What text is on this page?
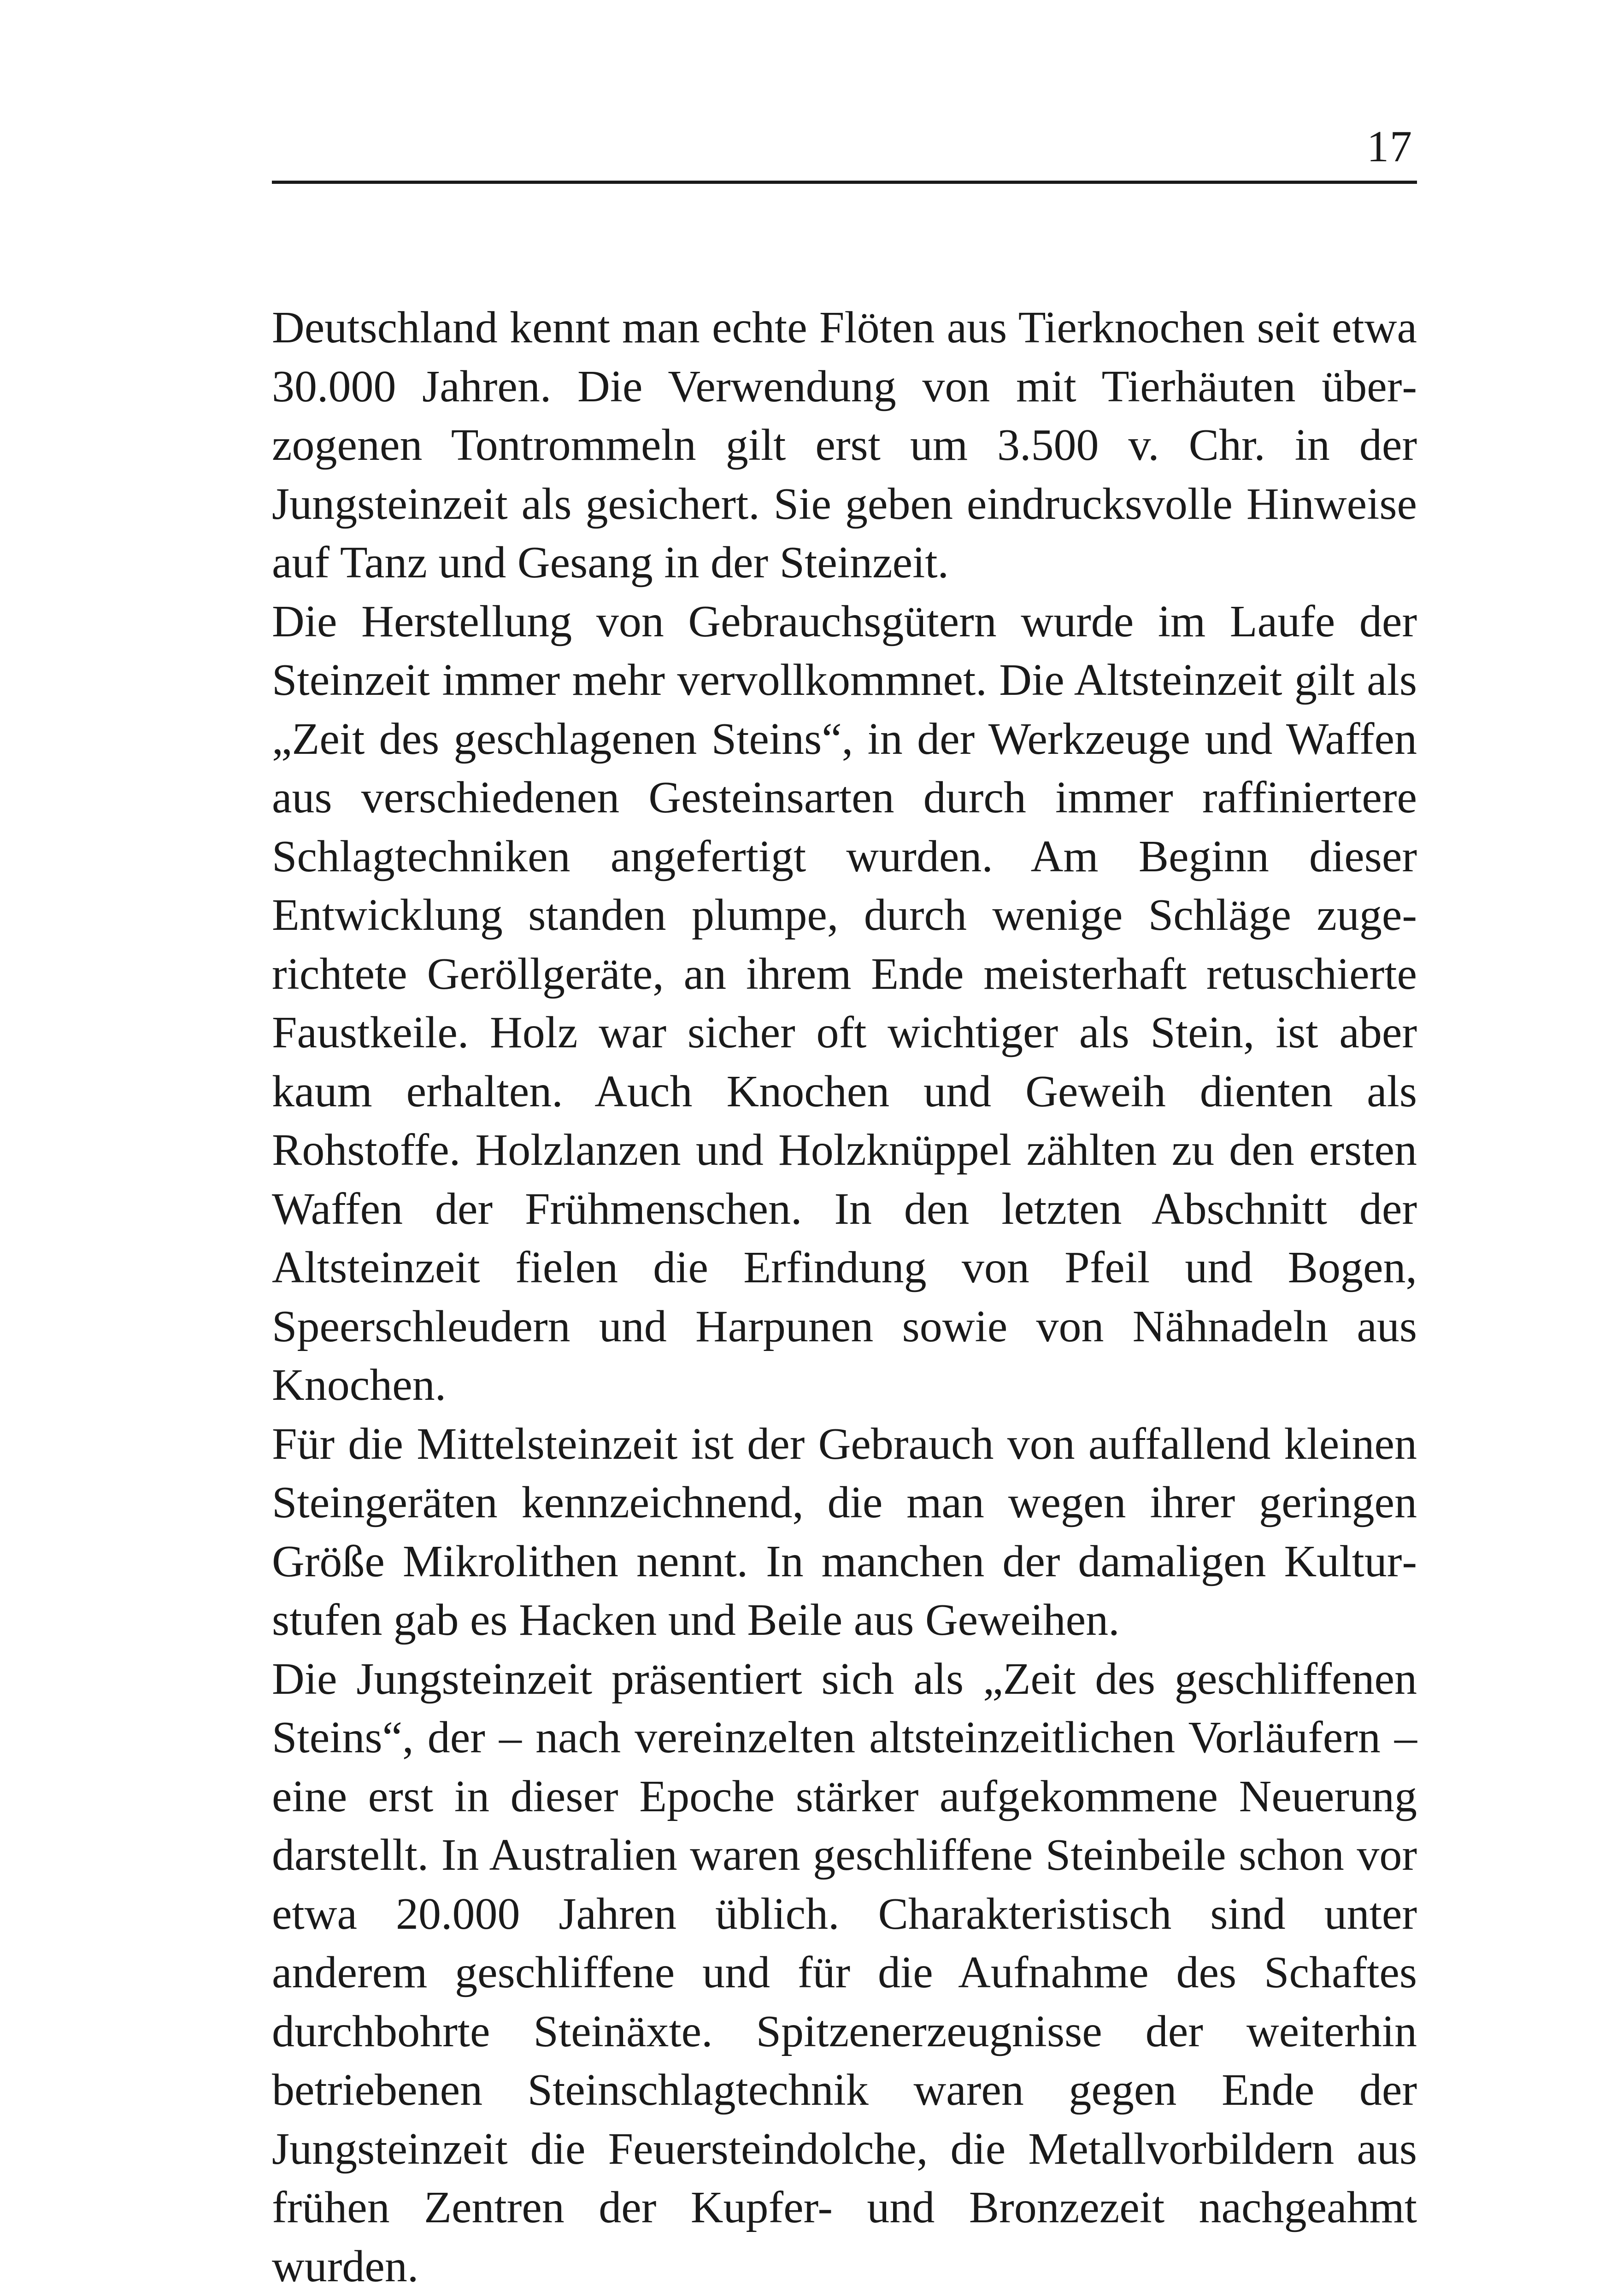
17

Deutschland kennt man echte Flöten aus Tierknochen seit etwa 30.000 Jahren. Die Verwendung von mit Tierhäuten überzogenen Tontrommeln gilt erst um 3.500 v. Chr. in der Jungsteinzeit als gesichert. Sie geben eindrucksvolle Hinweise auf Tanz und Gesang in der Steinzeit.

Die Herstellung von Gebrauchsgütern wurde im Laufe der Steinzeit immer mehr vervollkommnet. Die Altsteinzeit gilt als „Zeit des geschlagenen Steins“, in der Werkzeuge und Waffen aus verschiedenen Gesteinsarten durch immer raffiniertere Schlagtechniken angefertigt wurden. Am Beginn dieser Entwicklung standen plumpe, durch wenige Schläge zugerichtete Geröllgeräte, an ihrem Ende meisterhaft retuschierte Faustkeile. Holz war sicher oft wichtiger als Stein, ist aber kaum erhalten. Auch Knochen und Geweih dienten als Rohstoffe. Holzlanzen und Holzknüppel zählten zu den ersten Waffen der Frühmenschen. In den letzten Abschnitt der Altsteinzeit fielen die Erfindung von Pfeil und Bogen, Speerschleudern und Harpunen sowie von Nähnadeln aus Knochen.

Für die Mittelsteinzeit ist der Gebrauch von auffallend kleinen Steingeräten kennzeichnend, die man wegen ihrer geringen Größe Mikrolithen nennt. In manchen der damaligen Kulturstufen gab es Hacken und Beile aus Geweihen.

Die Jungsteinzeit präsentiert sich als „Zeit des geschliffenen Steins“, der – nach vereinzelten altsteinzeitlichen Vorläufern – eine erst in dieser Epoche stärker aufgekommene Neuerung darstellt. In Australien waren geschliffene Steinbeile schon vor etwa 20.000 Jahren üblich. Charakteristisch sind unter anderem geschliffene und für die Aufnahme des Schaftes durchbohrte Steinäxte. Spitzenerzeugnisse der weiterhin betriebenen Steinschlagtechnik waren gegen Ende der Jungsteinzeit die Feuersteindolche, die Metallvorbildern aus frühen Zentren der Kupfer- und Bronzezeit nachgeahmt wurden.
